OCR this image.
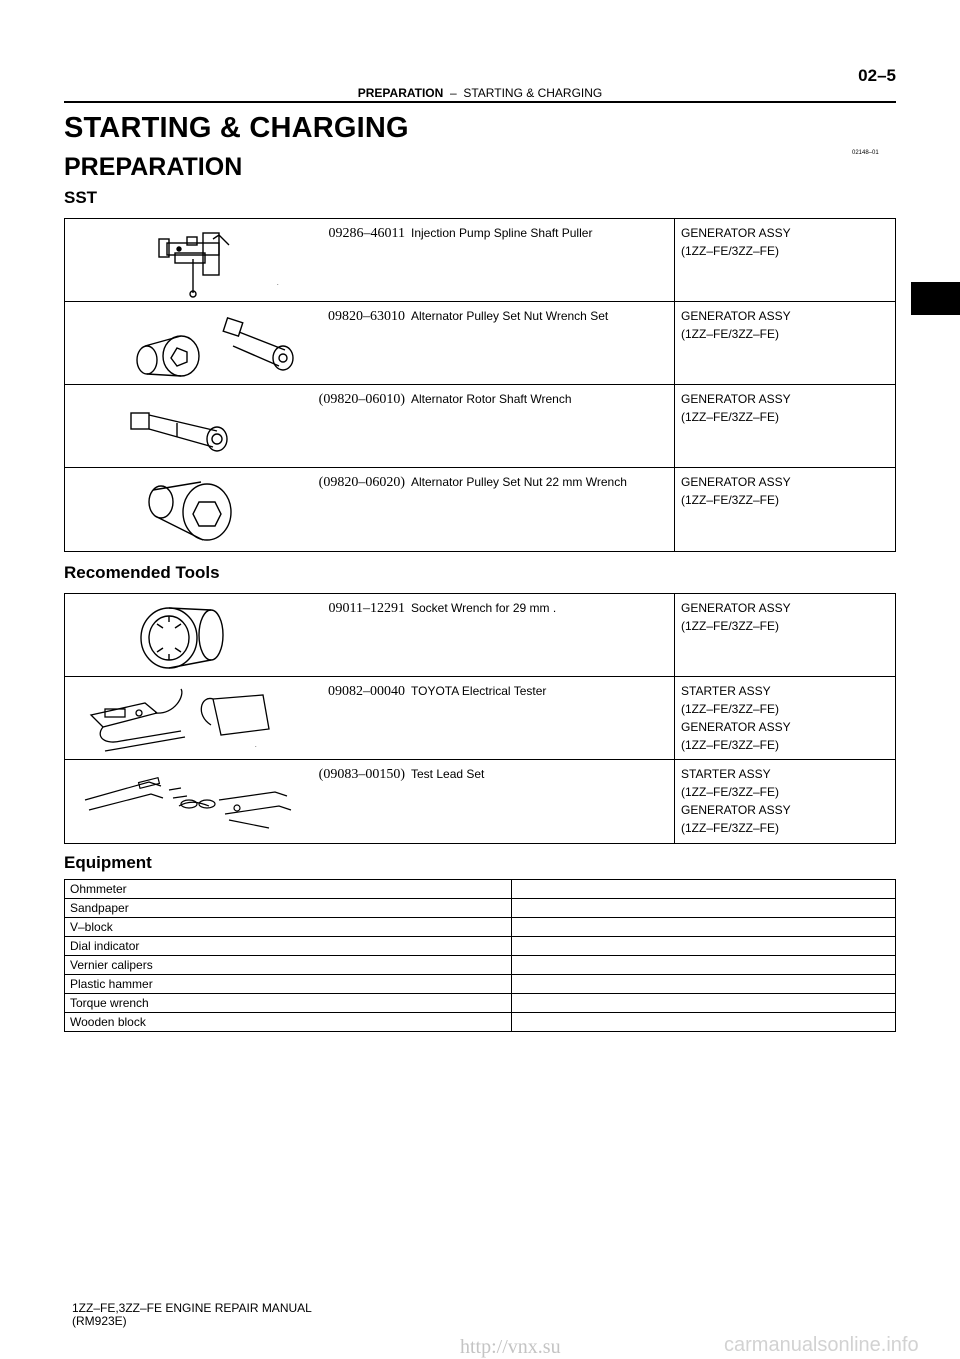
02–5
PREPARATION – STARTING & CHARGING
STARTING & CHARGING
PREPARATION	02148–01
SST
.
09286–46011 Injection Pump Spline Shaft Puller	GENERATOR ASSY
(1ZZ–FE/3ZZ–FE)
09820–63010 Alternator Pulley Set Nut Wrench Set	GENERATOR ASSY
(1ZZ–FE/3ZZ–FE)
(09820–06010) Alternator Rotor Shaft Wrench	GENERATOR ASSY
(1ZZ–FE/3ZZ–FE)
(09820–06020) Alternator Pulley Set Nut 22 mm Wrench	GENERATOR ASSY
(1ZZ–FE/3ZZ–FE)
Recomended Tools
09011–12291 Socket Wrench for 29 mm .	GENERATOR ASSY
(1ZZ–FE/3ZZ–FE)
.
09082–00040 TOYOTA Electrical Tester	STARTER ASSY
(1ZZ–FE/3ZZ–FE)
GENERATOR ASSY
(1ZZ–FE/3ZZ–FE)
(09083–00150) Test Lead Set	STARTER ASSY
(1ZZ–FE/3ZZ–FE)
GENERATOR ASSY
(1ZZ–FE/3ZZ–FE)
Equipment
Ohmmeter	
Sandpaper	
V–block	
Dial indicator	
Vernier calipers	
Plastic hammer	
Torque wrench	
Wooden block	
1ZZ–FE,3ZZ–FE ENGINE REPAIR MANUAL
(RM923E)
http://vnx.su	carmanualsonline.info
